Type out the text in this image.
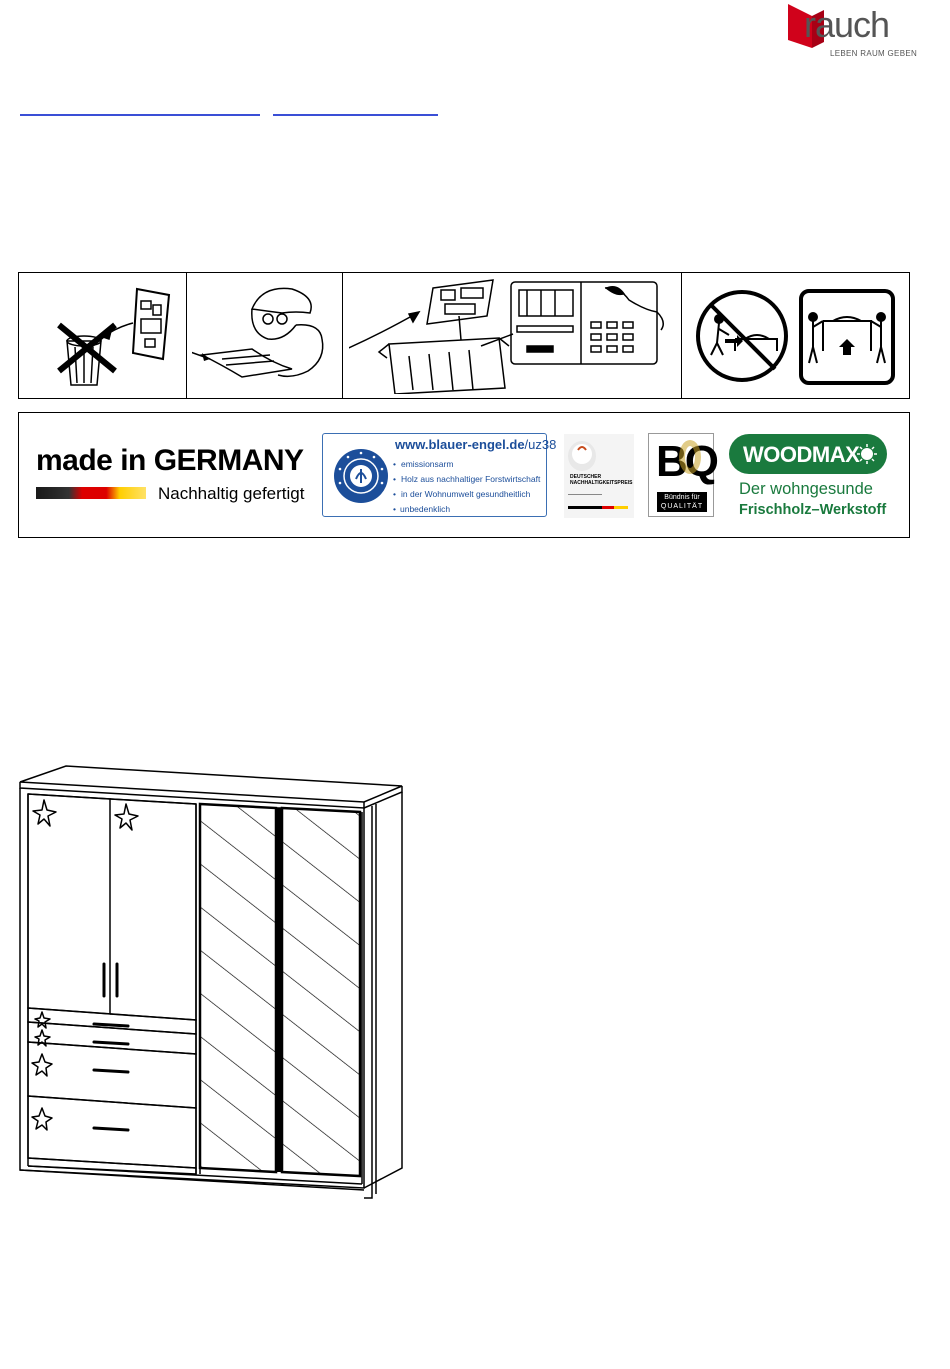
rauch
LEBEN RAUM GEBEN
made in GERMANY
Nachhaltig gefertigt
www.blauer-engel.de/uz38
• emissionsarm
• Holz aus nachhaltiger Forstwirtschaft
• in der Wohnumwelt gesundheitlich
• unbedenklich
DEUTSCHER
NACHHALTIGKEITSPREIS BQ
Bündnis für
QUALITÄT
WOODMAX
Der wohngesunde
Frischholz–Werkstoff
